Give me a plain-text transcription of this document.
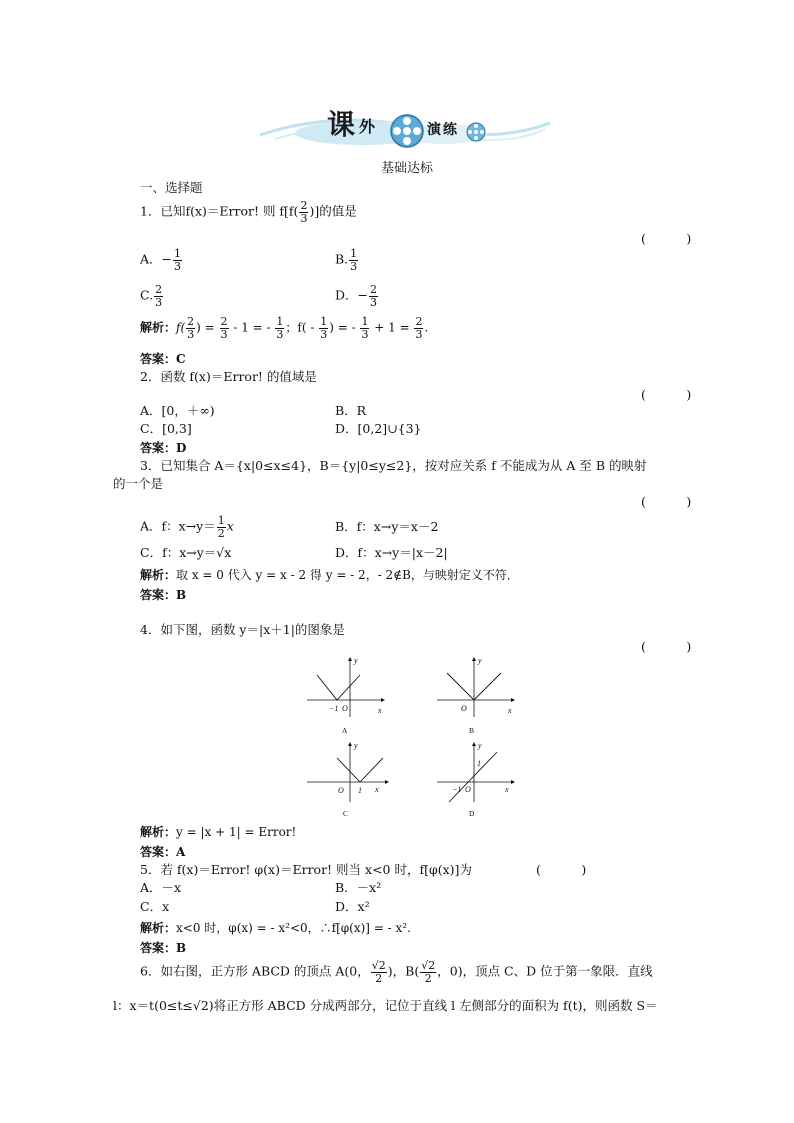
课 外	演 练
基础达标
一、选择题
1．已知f(x)＝Error! 则 $f[f( \frac{2}{3}$ )]的值是
(　)
A．− $\frac{1}{3}$	B. $\frac{1}{3}$
C. $\frac{2}{3}$	D．− $\frac{2}{3}$
解析：$f( \frac{2}{3}$ ) = $\frac{2}{3} - 1$ = - $\frac{1}{3}$ ；$f( - \frac{1}{3}$ ) = - $\frac{1}{3} + 1 = \frac{2}{3}$ .
答案：C
2．函数 f(x)＝Error! 的值域是
(　)
A．[0，＋∞)	B．R
C．[0,3]	D．[0,2]∪{3}
答案：D
3．已知集合 A＝{x|0≤x≤4}，B＝{y|0≤y≤2}，按对应关系 f 不能成为从 A 至 B 的映射
的一个是
(　)
A．f：$x\to y= \frac{1}{2}$ x	B．f：x→y＝x－2
C．f：x→y＝√x	D．f：x→y＝|x－2|
解析：取 x = 0 代入 y = x - 2 得 y = - 2，- 2∉B，与映射定义不符．
答案：B
4．如下图，函数 y＝|x＋1|的图象是
(　)
y
x
−1 O
A
y
x
O
B
y
x
O 1
C
y
x
−1 O
1
D
解析：y = |x + 1| = Error!
答案：A
5．若 f(x)＝Error! φ(x)＝Error! 则当 x<0 时，f[φ(x)]为	(　)
A．－x	B．－x²
C．x	D．x²
解析：x<0 时，φ(x) = - x²<0，∴f[φ(x)] = - x².
答案：B
6．如右图，正方形 ABCD 的顶点 A(0， $\frac{√2}{2}$ )，$B( \frac{√2}{2}$ ，0)，顶点 C、D 位于第一象限．直线
l：x＝t(0≤t≤√2)将正方形 ABCD 分成两部分，记位于直线 l 左侧部分的面积为 f(t)，则函数 S＝
